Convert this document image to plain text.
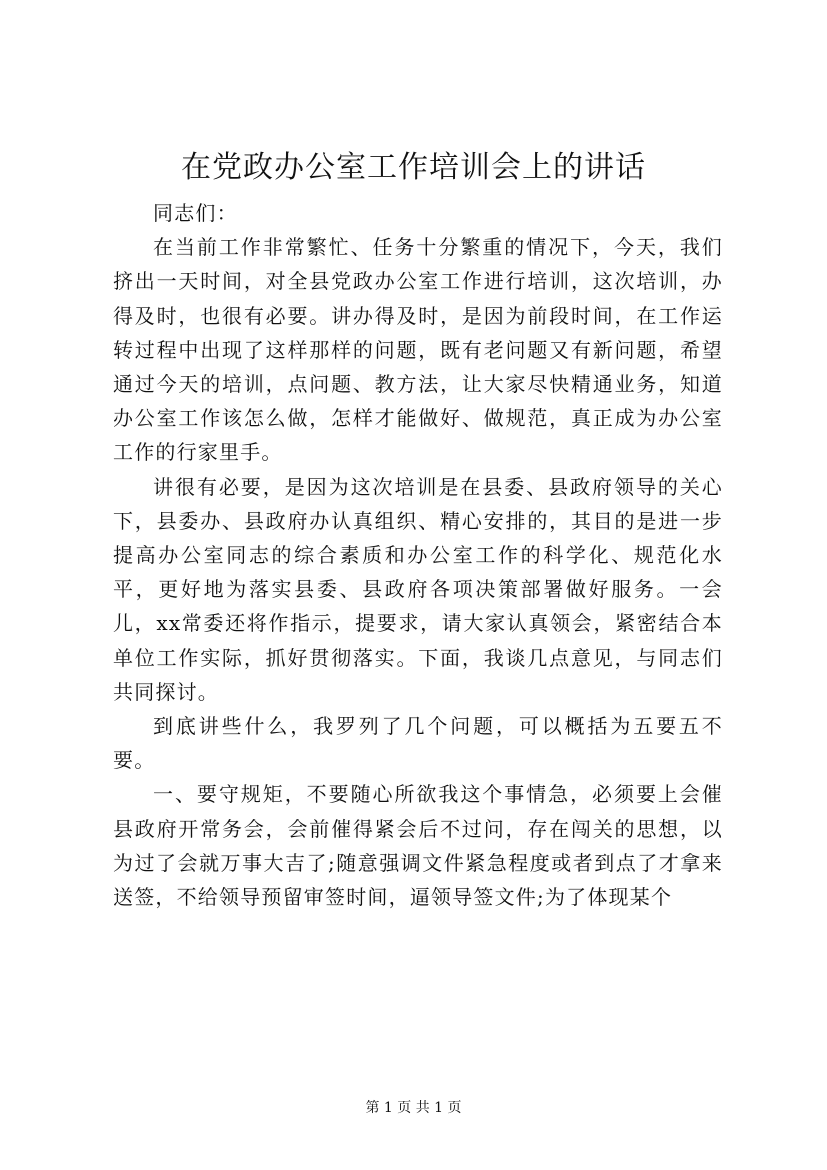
在党政办公室工作培训会上的讲话

同志们：

在当前工作非常繁忙、任务十分繁重的情况下，今天，我们挤出一天时间，对全县党政办公室工作进行培训，这次培训，办得及时，也很有必要。讲办得及时，是因为前段时间，在工作运转过程中出现了这样那样的问题，既有老问题又有新问题，希望通过今天的培训，点问题、教方法，让大家尽快精通业务，知道办公室工作该怎么做，怎样才能做好、做规范，真正成为办公室工作的行家里手。

讲很有必要，是因为这次培训是在县委、县政府领导的关心下，县委办、县政府办认真组织、精心安排的，其目的是进一步提高办公室同志的综合素质和办公室工作的科学化、规范化水平，更好地为落实县委、县政府各项决策部署做好服务。一会儿，xx常委还将作指示，提要求，请大家认真领会，紧密结合本单位工作实际，抓好贯彻落实。下面，我谈几点意见，与同志们共同探讨。

到底讲些什么，我罗列了几个问题，可以概括为五要五不要。

一、要守规矩，不要随心所欲我这个事情急，必须要上会催县政府开常务会，会前催得紧会后不过问，存在闯关的思想，以为过了会就万事大吉了;随意强调文件紧急程度或者到点了才拿来送签，不给领导预留审签时间，逼领导签文件;为了体现某个

第 1 页 共 1 页
